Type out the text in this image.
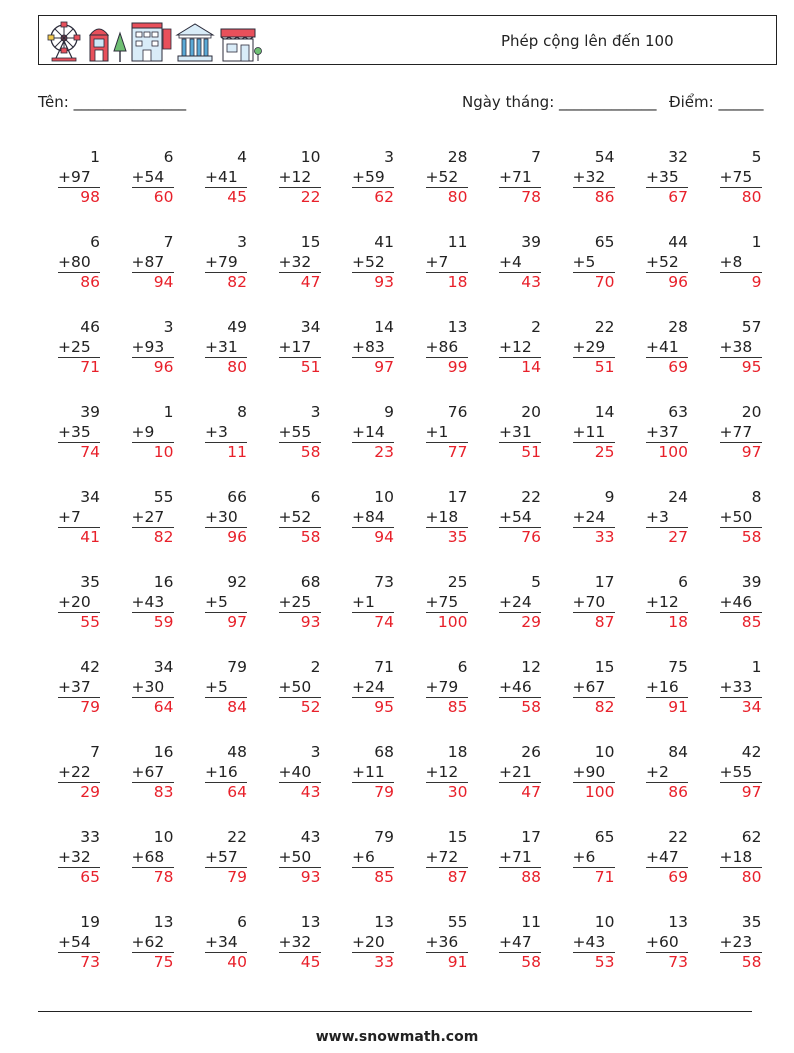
Phép cộng lên đến 100
Tên: _______________	Ngày tháng: _____________ Điểm: ______
1
+97
98
6
+54
60
4
+41
45
10
+12
22
3
+59
62
28
+52
80
7
+71
78
54
+32
86
32
+35
67
5
+75
80
6
+80
86
7
+87
94
3
+79
82
15
+32
47
41
+52
93
11
+7
18
39
+4
43
65
+5
70
44
+52
96
1
+8
9
46
+25
71
3
+93
96
49
+31
80
34
+17
51
14
+83
97
13
+86
99
2
+12
14
22
+29
51
28
+41
69
57
+38
95
39
+35
74
1
+9
10
8
+3
11
3
+55
58
9
+14
23
76
+1
77
20
+31
51
14
+11
25
63
+37
100
20
+77
97
34
+7
41
55
+27
82
66
+30
96
6
+52
58
10
+84
94
17
+18
35
22
+54
76
9
+24
33
24
+3
27
8
+50
58
35
+20
55
16
+43
59
92
+5
97
68
+25
93
73
+1
74
25
+75
100
5
+24
29
17
+70
87
6
+12
18
39
+46
85
42
+37
79
34
+30
64
79
+5
84
2
+50
52
71
+24
95
6
+79
85
12
+46
58
15
+67
82
75
+16
91
1
+33
34
7
+22
29
16
+67
83
48
+16
64
3
+40
43
68
+11
79
18
+12
30
26
+21
47
10
+90
100
84
+2
86
42
+55
97
33
+32
65
10
+68
78
22
+57
79
43
+50
93
79
+6
85
15
+72
87
17
+71
88
65
+6
71
22
+47
69
62
+18
80
19
+54
73
13
+62
75
6
+34
40
13
+32
45
13
+20
33
55
+36
91
11
+47
58
10
+43
53
13
+60
73
35
+23
58
www.snowmath.com
